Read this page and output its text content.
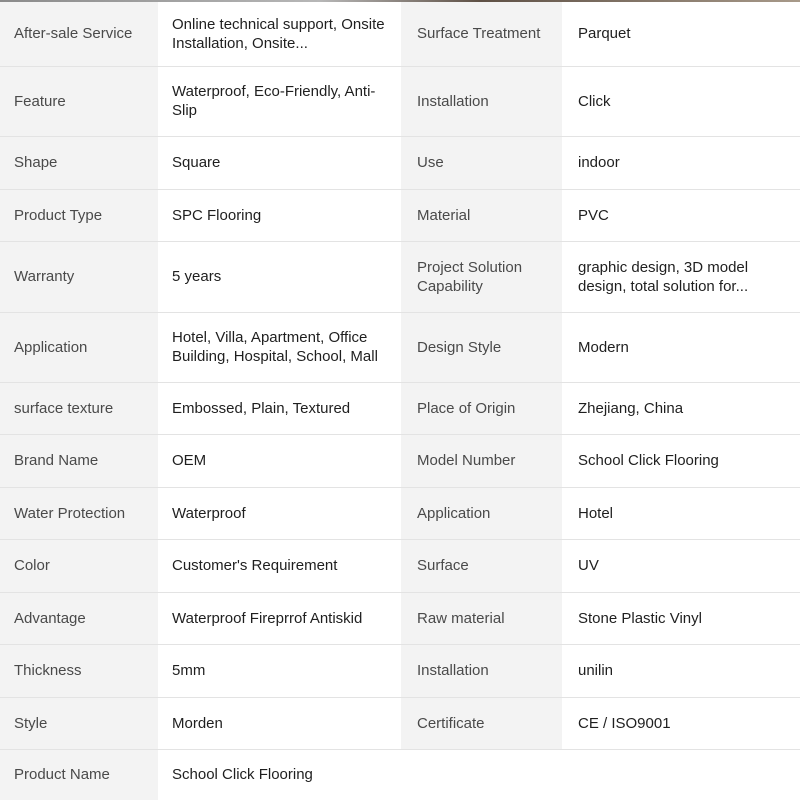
After-sale Service	Online technical support, Onsite Installation, Onsite...	Surface Treatment	Parquet
Feature	Waterproof, Eco-Friendly, Anti-Slip	Installation	Click
Shape	Square	Use	indoor
Product Type	SPC Flooring	Material	PVC
Warranty	5 years	Project Solution Capability	graphic design, 3D model design, total solution for...

Application	Hotel, Villa, Apartment, Office Building, Hospital, School, Mall	Design Style	Modern
surface texture	Embossed, Plain, Textured	Place of Origin	Zhejiang, China
Brand Name	OEM	Model Number	School Click Flooring
Water Protection	Waterproof	Application	Hotel
Color	Customer's Requirement	Surface	UV
Advantage	Waterproof Fireprrof Antiskid	Raw material	Stone Plastic Vinyl
Thickness	5mm	Installation	unilin
Style	Morden	Certificate	CE / ISO9001
Product Name	School Click Flooring		
